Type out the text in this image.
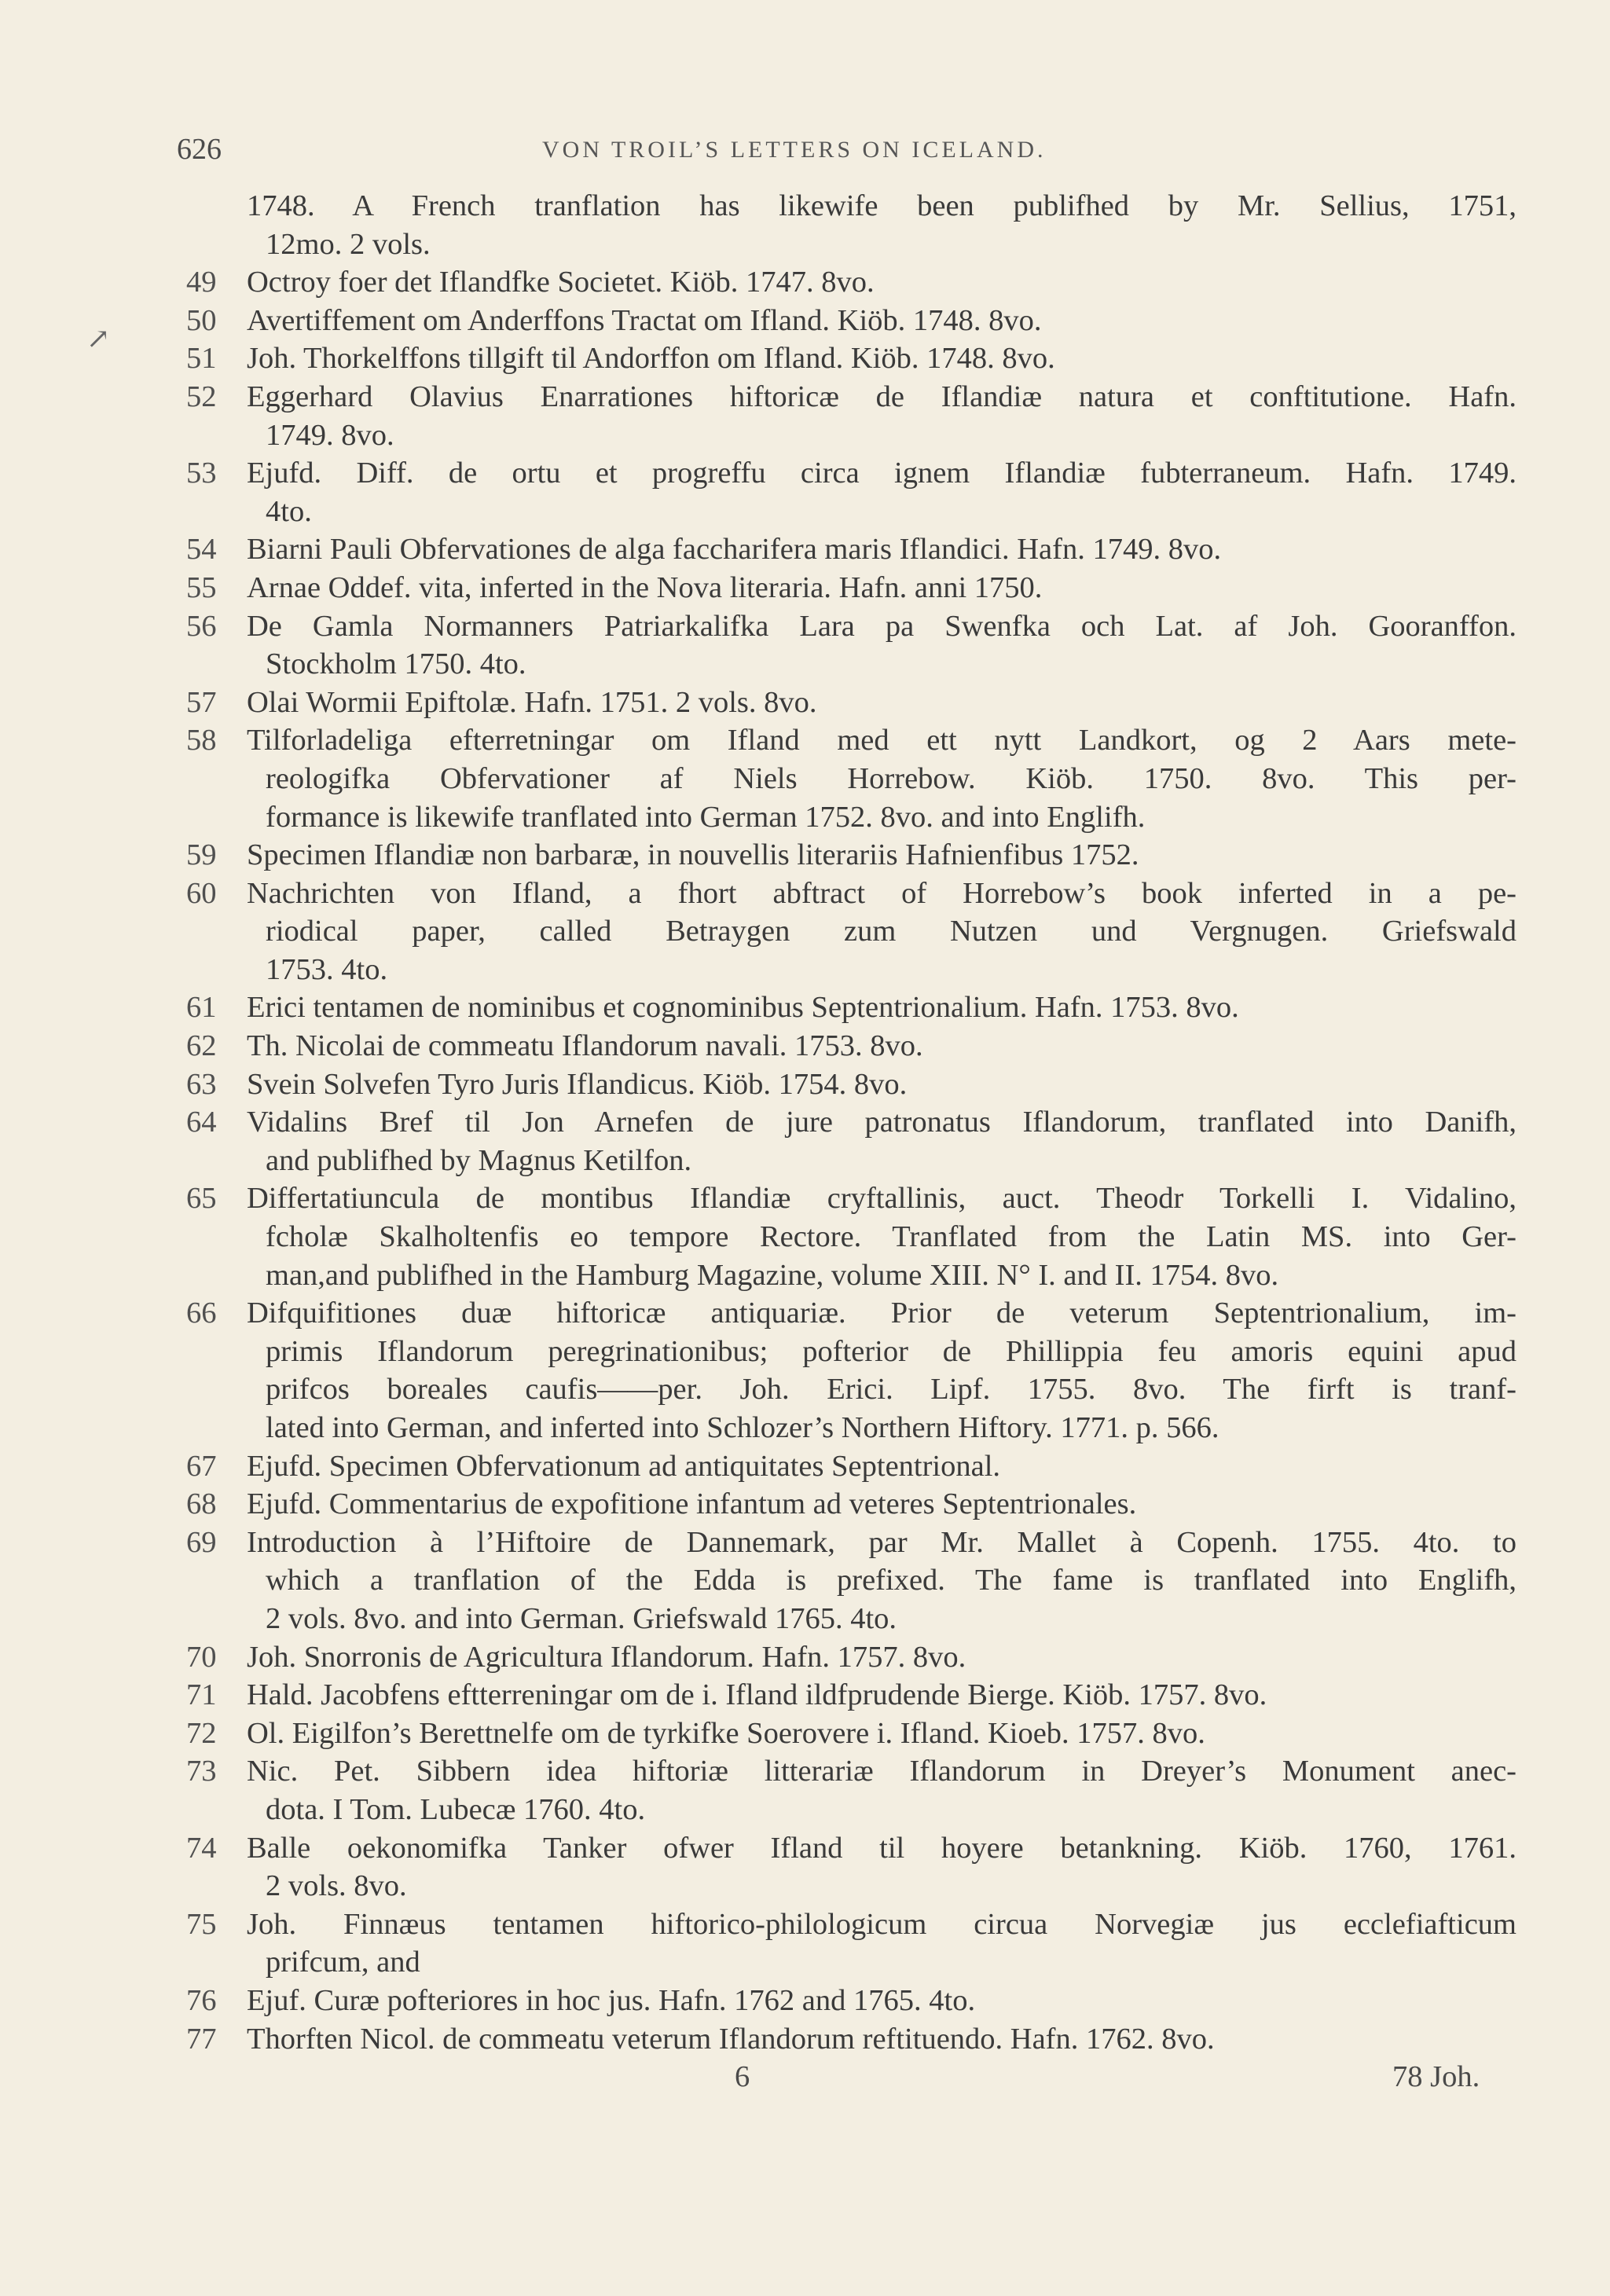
626	VON TROIL’S LETTERS ON ICELAND.
↗
1748. A French tranflation has likewife been publifhed by Mr. Sellius, 1751,
12mo. 2 vols.
49	Octroy foer det Iflandfke Societet. Kiöb. 1747. 8vo.
50	Avertiffement om Anderffons Tractat om Ifland. Kiöb. 1748. 8vo.
51	Joh. Thorkelffons tillgift til Andorffon om Ifland. Kiöb. 1748. 8vo.
52	Eggerhard Olavius Enarrationes hiftoricæ de Iflandiæ natura et conftitutione. Hafn.
1749. 8vo.
53	Ejufd. Diff. de ortu et progreffu circa ignem Iflandiæ fubterraneum. Hafn. 1749.
4to.
54	Biarni Pauli Obfervationes de alga faccharifera maris Iflandici. Hafn. 1749. 8vo.
55	Arnae Oddef. vita, inferted in the Nova literaria. Hafn. anni 1750.
56	De Gamla Normanners Patriarkalifka Lara pa Swenfka och Lat. af Joh. Gooranffon.
Stockholm 1750. 4to.
57	Olai Wormii Epiftolæ. Hafn. 1751. 2 vols. 8vo.
58	Tilforladeliga efterretningar om Ifland med ett nytt Landkort, og 2 Aars mete-
reologifka Obfervationer af Niels Horrebow. Kiöb. 1750. 8vo. This per-
formance is likewife tranflated into German 1752. 8vo. and into Englifh.
59	Specimen Iflandiæ non barbaræ, in nouvellis literariis Hafnienfibus 1752.
60	Nachrichten von Ifland, a fhort abftract of Horrebow’s book inferted in a pe-
riodical paper, called Betraygen zum Nutzen und Vergnugen. Griefswald
1753. 4to.
61	Erici tentamen de nominibus et cognominibus Septentrionalium. Hafn. 1753. 8vo.
62	Th. Nicolai de commeatu Iflandorum navali. 1753. 8vo.
63	Svein Solvefen Tyro Juris Iflandicus. Kiöb. 1754. 8vo.
64	Vidalins Bref til Jon Arnefen de jure patronatus Iflandorum, tranflated into Danifh,
and publifhed by Magnus Ketilfon.
65	Differtatiuncula de montibus Iflandiæ cryftallinis, auct. Theodr Torkelli I. Vidalino,
fcholæ Skalholtenfis eo tempore Rectore. Tranflated from the Latin MS. into Ger-
man,and publifhed in the Hamburg Magazine, volume XIII. N° I. and II. 1754. 8vo.
66	Difquifitiones duæ hiftoricæ antiquariæ. Prior de veterum Septentrionalium, im-
primis Iflandorum peregrinationibus; pofterior de Phillippia feu amoris equini apud
prifcos boreales caufis——per. Joh. Erici. Lipf. 1755. 8vo. The firft is tranf-
lated into German, and inferted into Schlozer’s Northern Hiftory. 1771. p. 566.
67	Ejufd. Specimen Obfervationum ad antiquitates Septentrional.
68	Ejufd. Commentarius de expofitione infantum ad veteres Septentrionales.
69	Introduction à l’Hiftoire de Dannemark, par Mr. Mallet à Copenh. 1755. 4to. to
which a tranflation of the Edda is prefixed. The fame is tranflated into Englifh,
2 vols. 8vo. and into German. Griefswald 1765. 4to.
70	Joh. Snorronis de Agricultura Iflandorum. Hafn. 1757. 8vo.
71	Hald. Jacobfens eftterreningar om de i. Ifland ildfprudende Bierge. Kiöb. 1757. 8vo.
72	Ol. Eigilfon’s Berettnelfe om de tyrkifke Soerovere i. Ifland. Kioeb. 1757. 8vo.
73	Nic. Pet. Sibbern idea hiftoriæ litterariæ Iflandorum in Dreyer’s Monument anec-
dota. I Tom. Lubecæ 1760. 4to.
74	Balle oekonomifka Tanker ofwer Ifland til hoyere betankning. Kiöb. 1760, 1761.
2 vols. 8vo.
75	Joh. Finnæus tentamen hiftorico-philologicum circua Norvegiæ jus ecclefiafticum
prifcum, and
76	Ejuf. Curæ pofteriores in hoc jus. Hafn. 1762 and 1765. 4to.
77	Thorften Nicol. de commeatu veterum Iflandorum reftituendo. Hafn. 1762. 8vo.
6	78 Joh.
